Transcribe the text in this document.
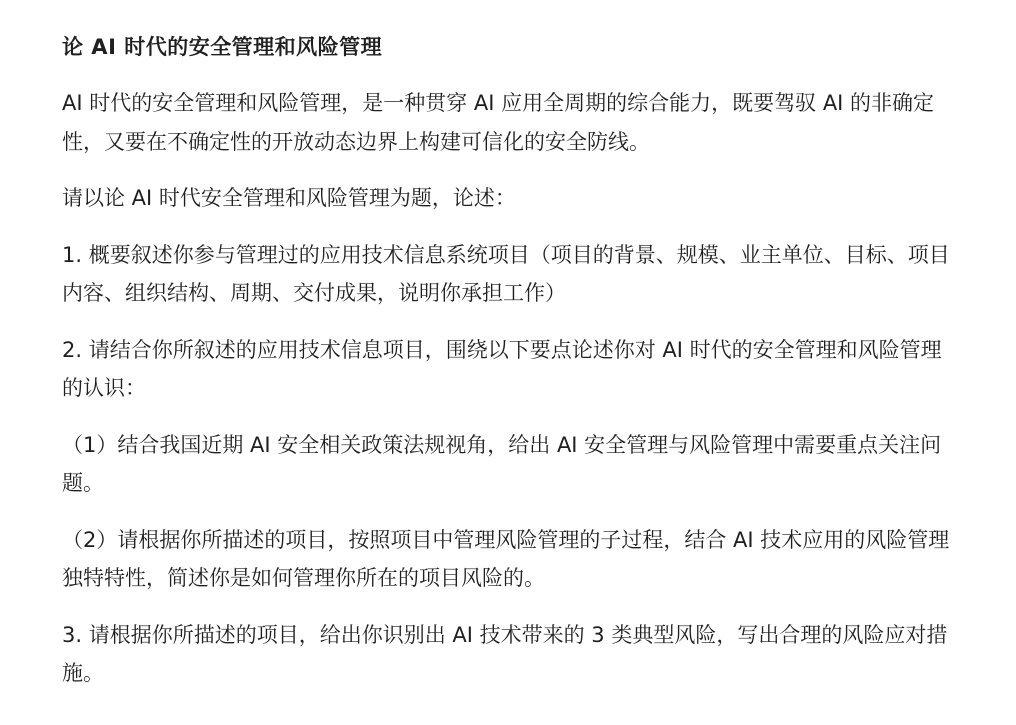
论 AI 时代的安全管理和风险管理

AI 时代的安全管理和风险管理，是一种贯穿 AI 应用全周期的综合能力，既要驾驭 AI 的非确定性，又要在不确定性的开放动态边界上构建可信化的安全防线。

请以论 AI 时代安全管理和风险管理为题，论述：

1. 概要叙述你参与管理过的应用技术信息系统项目（项目的背景、规模、业主单位、目标、项目内容、组织结构、周期、交付成果，说明你承担工作）

2. 请结合你所叙述的应用技术信息项目，围绕以下要点论述你对 AI 时代的安全管理和风险管理的认识：

（1）结合我国近期 AI 安全相关政策法规视角，给出 AI 安全管理与风险管理中需要重点关注问题。

（2）请根据你所描述的项目，按照项目中管理风险管理的子过程，结合 AI 技术应用的风险管理独特特性，简述你是如何管理你所在的项目风险的。

3. 请根据你所描述的项目，给出你识别出 AI 技术带来的 3 类典型风险，写出合理的风险应对措施。
